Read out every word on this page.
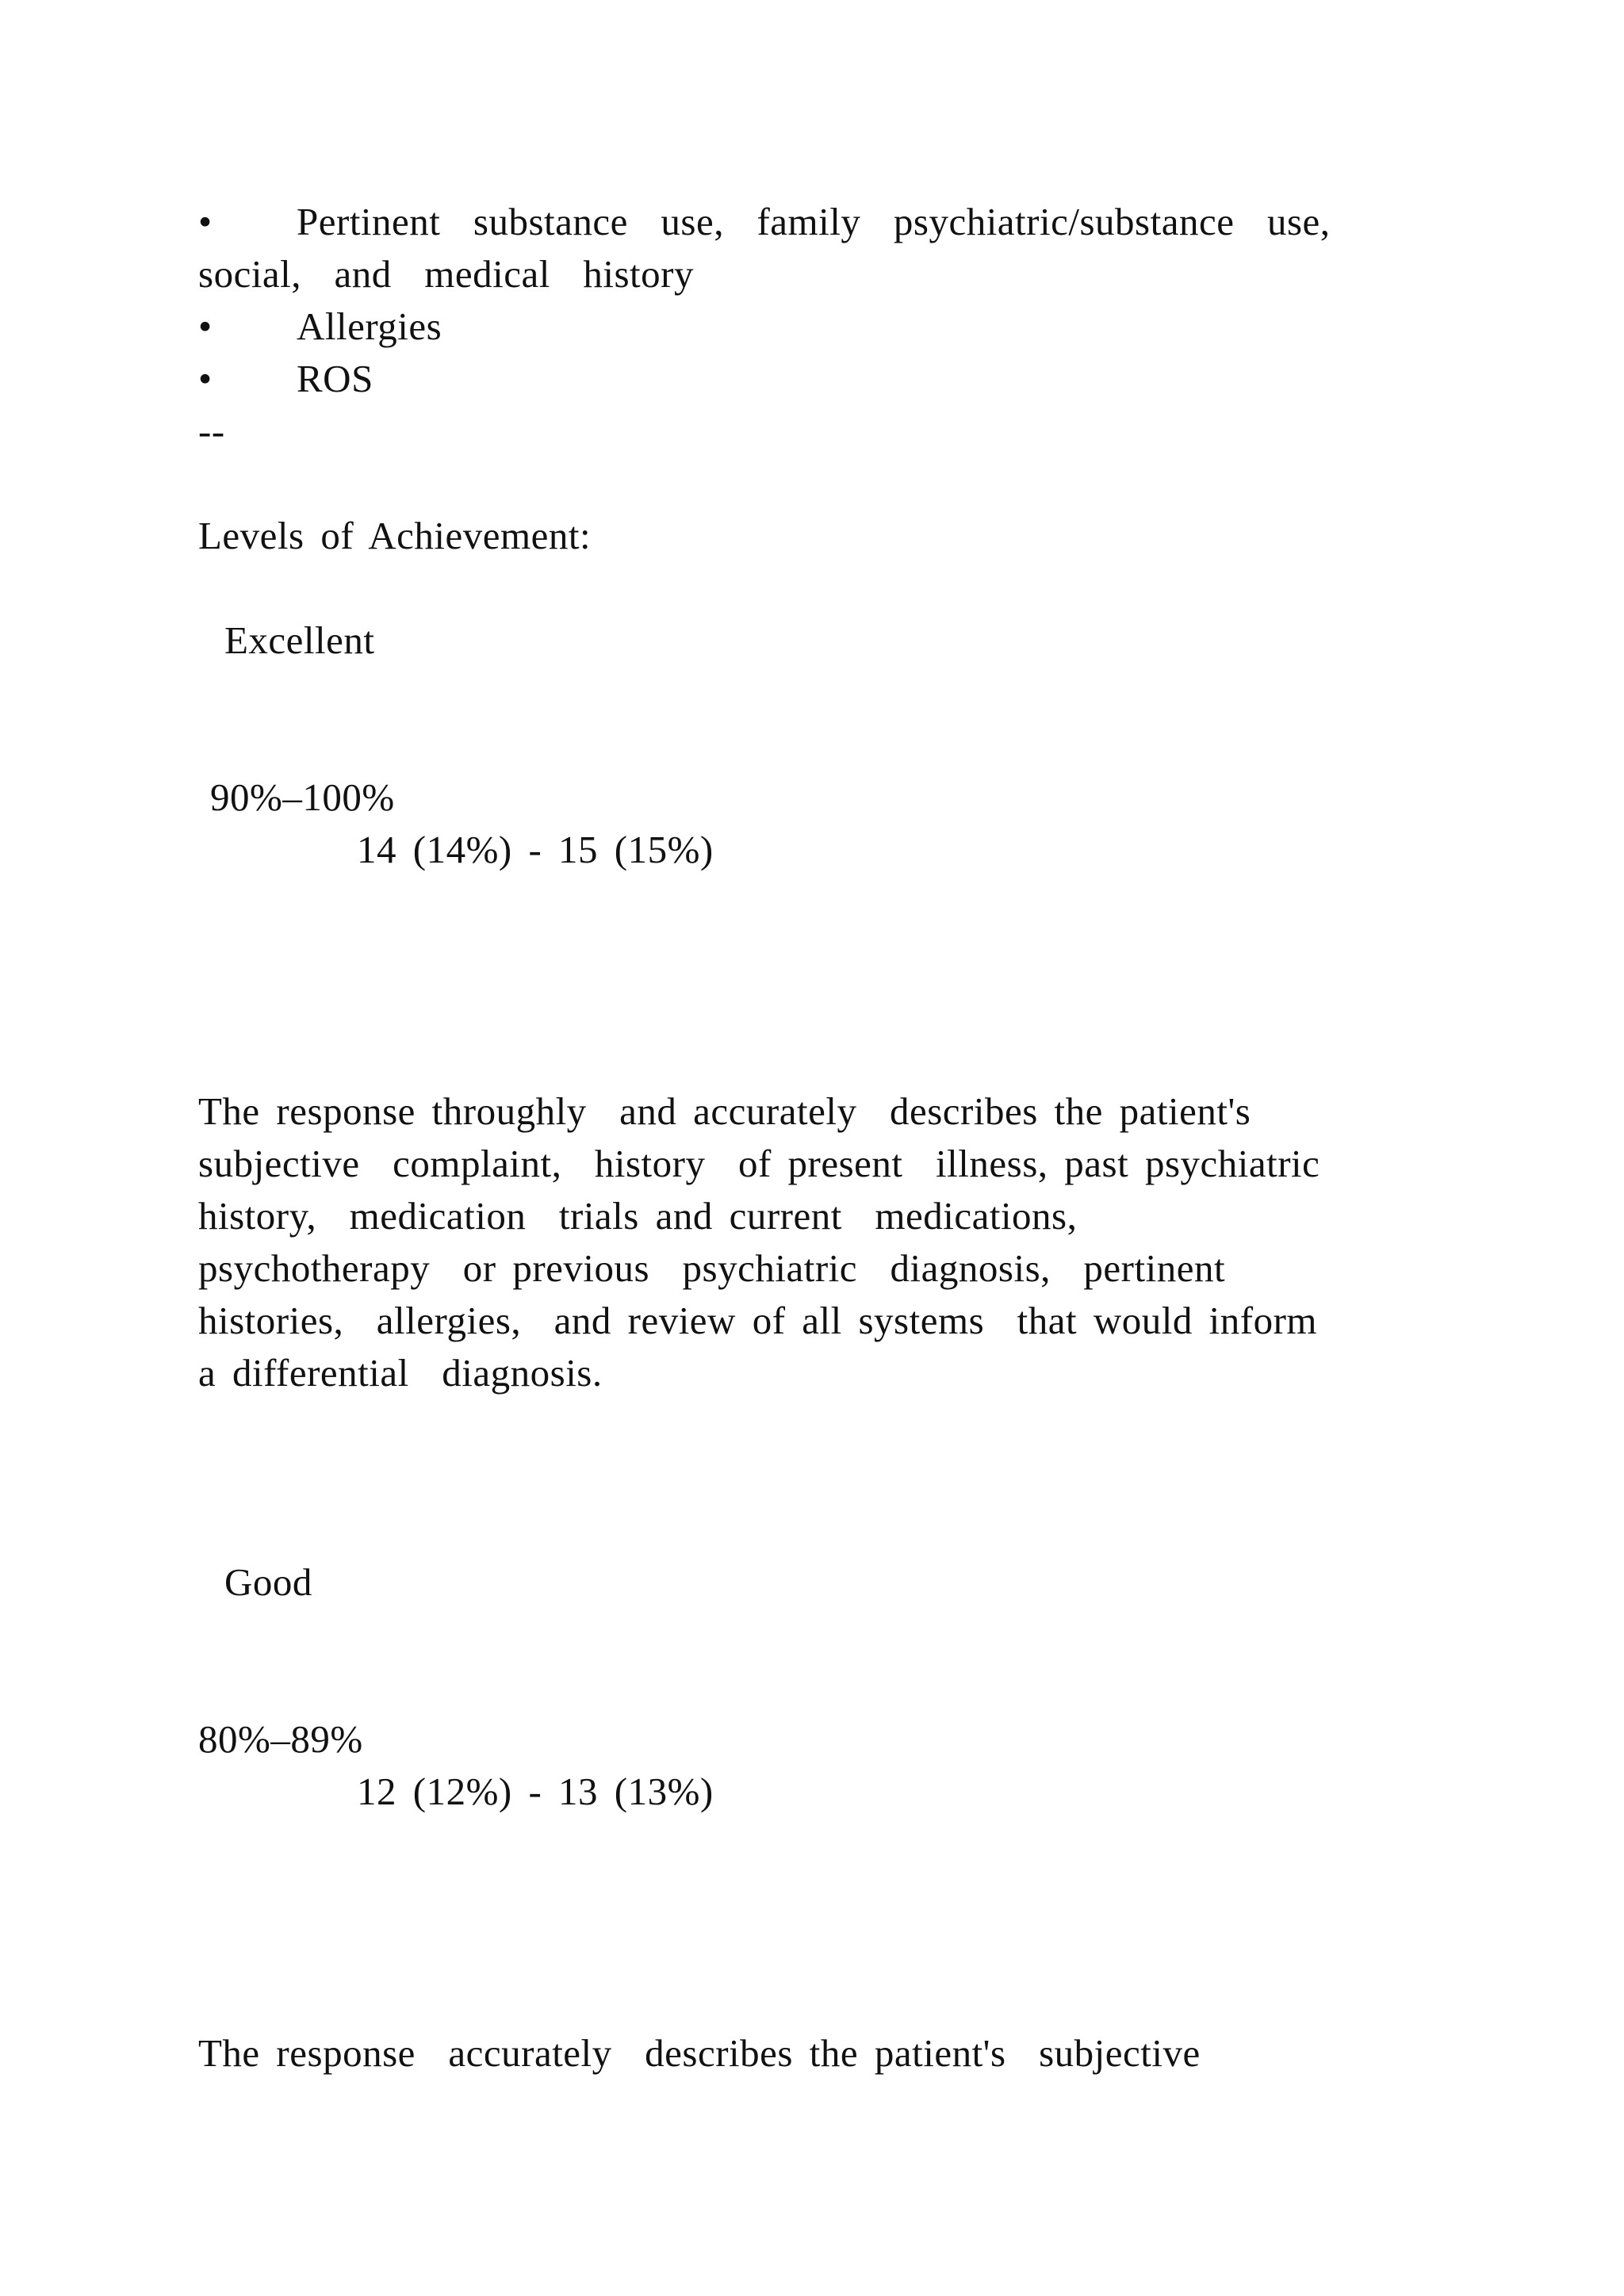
•	Pertinent  substance  use,  family  psychiatric/substance  use,
social,  and  medical  history
•	Allergies
•	ROS
--
Levels of Achievement:
Excellent
90%–100%
14 (14%) - 15 (15%)
The response throughly  and accurately  describes the patient's
subjective  complaint,  history  of present  illness, past psychiatric
history,  medication  trials and current  medications,
psychotherapy  or previous  psychiatric  diagnosis,  pertinent
histories,  allergies,  and review of all systems  that would inform
a differential  diagnosis.
Good
80%–89%
12 (12%) - 13 (13%)
The response  accurately  describes the patient's  subjective
